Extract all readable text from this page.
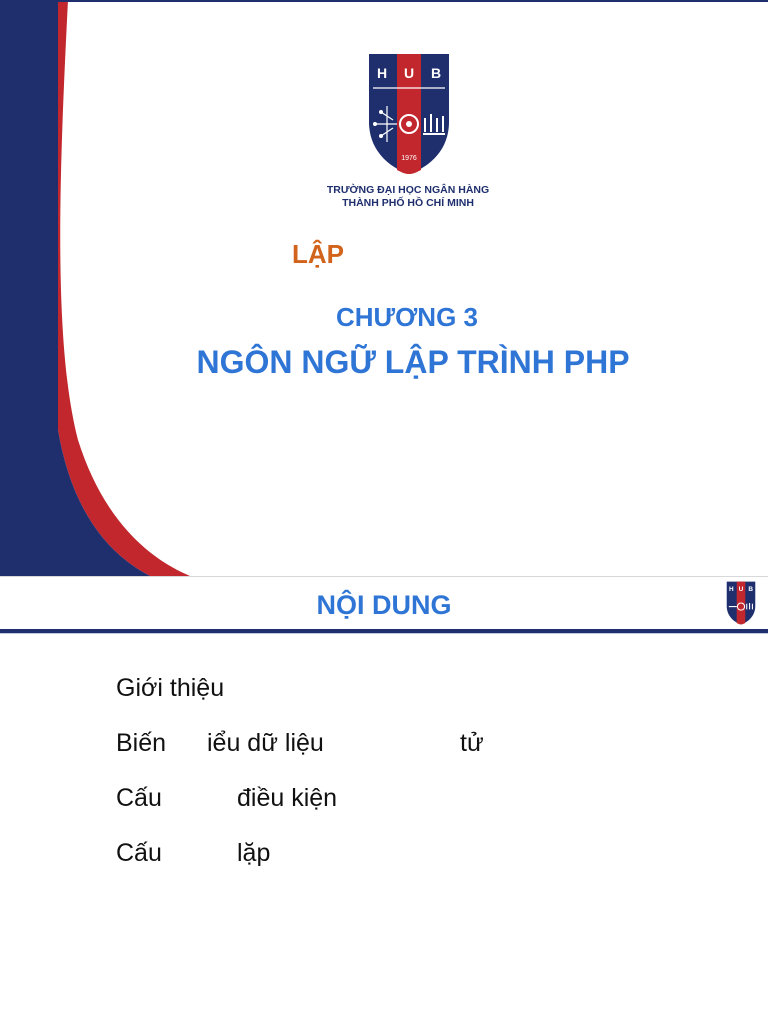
H U B
1976
TRƯỜNG ĐẠI HỌC NGÂN HÀNG
THÀNH PHỐ HỒ CHÍ MINH
LẬP
CHƯƠNG 3
NGÔN NGỮ LẬP TRÌNH PHP
NỘI DUNG
H U B
Giới thiệu
Biến iểu dữ liệu	tử
Cấu	điều kiện
Cấu	lặp
